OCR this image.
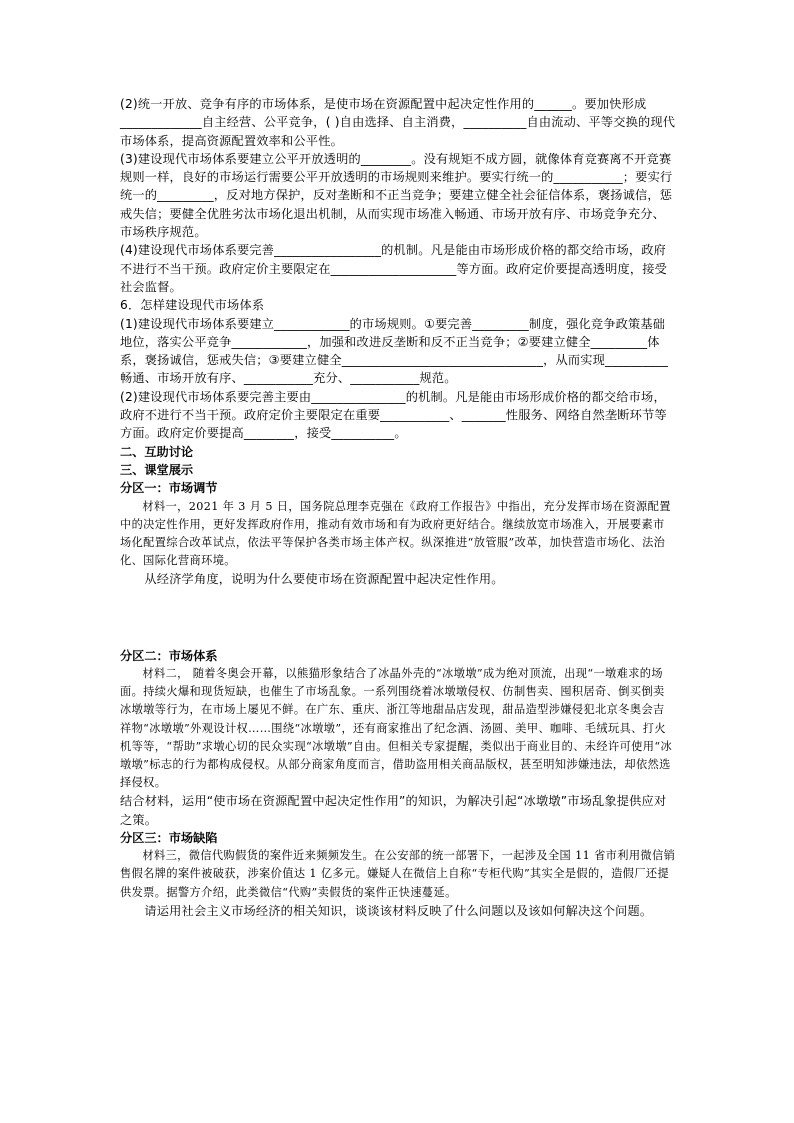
(2)统一开放、竞争有序的市场体系，是使市场在资源配置中起决定性作用的______。要加快形成_____________自主经营、公平竞争，( )自由选择、自主消费，__________自由流动、平等交换的现代市场体系，提高资源配置效率和公平性。

(3)建设现代市场体系要建立公平开放透明的________。没有规矩不成方圆，就像体育竞赛离不开竞赛规则一样，良好的市场运行需要公平开放透明的市场规则来维护。要实行统一的___________；要实行统一的_________，反对地方保护，反对垄断和不正当竞争；要建立健全社会征信体系，褒扬诚信，惩戒失信；要健全优胜劣汰市场化退出机制，从而实现市场准入畅通、市场开放有序、市场竞争充分、市场秩序规范。

(4)建设现代市场体系要完善_________________的机制。凡是能由市场形成价格的都交给市场，政府不进行不当干预。政府定价主要限定在____________________等方面。政府定价要提高透明度，接受社会监督。

6．怎样建设现代市场体系

(1)建设现代市场体系要建立____________的市场规则。①要完善_________制度，强化竞争政策基础地位，落实公平竞争____________，加强和改进反垄断和反不正当竞争；②要建立健全_________体系，褒扬诚信，惩戒失信；③要建立健全________________________________，从而实现__________畅通、市场开放有序、___________充分、___________规范。

(2)建设现代市场体系要完善主要由_______________的机制。凡是能由市场形成价格的都交给市场，政府不进行不当干预。政府定价主要限定在重要___________、_______性服务、网络自然垄断环节等方面。政府定价要提高________，接受__________。

二、互助讨论

三、课堂展示

分区一：市场调节

材料一，2021 年 3 月 5 日，国务院总理李克强在《政府工作报告》中指出，充分发挥市场在资源配置中的决定性作用，更好发挥政府作用，推动有效市场和有为政府更好结合。继续放宽市场准入，开展要素市场化配置综合改革试点，依法平等保护各类市场主体产权。纵深推进“放管服”改革，加快营造市场化、法治化、国际化营商环境。

从经济学角度，说明为什么要使市场在资源配置中起决定性作用。

分区二：市场体系

材料二， 随着冬奥会开幕，以熊猫形象结合了冰晶外壳的“冰墩墩”成为绝对顶流，出现“一墩难求的场面。持续火爆和现货短缺，也催生了市场乱象。一系列围绕着冰墩墩侵权、仿制售卖、囤积居奇、倒买倒卖冰墩墩等行为，在市场上屡见不鲜。在广东、重庆、浙江等地甜品店发现，甜品造型涉嫌侵犯北京冬奥会吉祥物“冰墩墩”外观设计权……围绕“冰墩墩”，还有商家推出了纪念酒、汤圆、美甲、咖啡、毛绒玩具、打火机等等，“帮助”求墩心切的民众实现“冰墩墩”自由。但相关专家提醒，类似出于商业目的、未经许可使用“冰墩墩”标志的行为都构成侵权。从部分商家角度而言，借助盗用相关商品版权，甚至明知涉嫌违法，却依然选择侵权。

结合材料，运用“使市场在资源配置中起决定性作用”的知识，为解决引起“冰墩墩”市场乱象提供应对之策。

分区三：市场缺陷

材料三，微信代购假货的案件近来频频发生。在公安部的统一部署下，一起涉及全国 11 省市利用微信销售假名牌的案件被破获，涉案价值达 1 亿多元。嫌疑人在微信上自称“专柜代购”其实全是假的，造假厂还提供发票。据警方介绍，此类微信“代购”卖假货的案件正快速蔓延。

请运用社会主义市场经济的相关知识，谈谈该材料反映了什么问题以及该如何解决这个问题。
